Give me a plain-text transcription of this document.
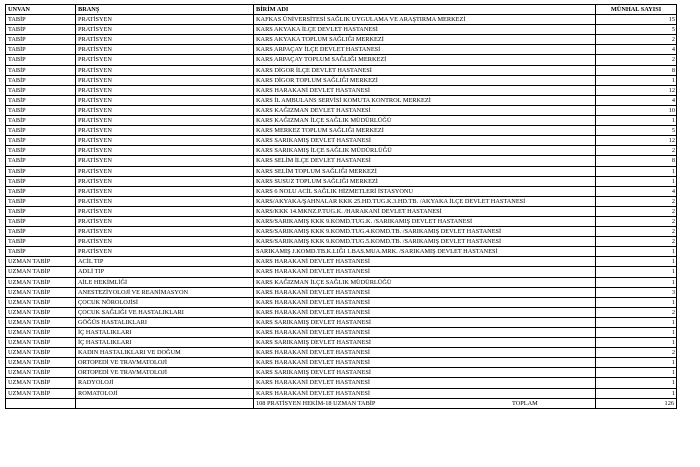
UNVAN	BRANŞ	BİRİM ADI	MÜNHAL SAYISI
TABİP	PRATİSYEN	KAFKAS ÜNİVERSİTESİ SAĞLIK UYGULAMA VE ARAŞTIRMA MERKEZİ	15
TABİP	PRATİSYEN	KARS AKYAKA İLÇE DEVLET HASTANESİ	5
TABİP	PRATİSYEN	KARS AKYAKA TOPLUM SAĞLIĞI MERKEZİ	2
TABİP	PRATİSYEN	KARS ARPAÇAY İLÇE DEVLET HASTANESİ	4
TABİP	PRATİSYEN	KARS ARPAÇAY TOPLUM SAĞLIĞI MERKEZİ	2
TABİP	PRATİSYEN	KARS DİGOR İLÇE DEVLET HASTANESİ	8
TABİP	PRATİSYEN	KARS DİGOR TOPLUM SAĞLIĞI MERKEZİ	1
TABİP	PRATİSYEN	KARS HARAKANİ DEVLET HASTANESİ	12
TABİP	PRATİSYEN	KARS İL AMBULANS SERVİSİ KOMUTA KONTROL MERKEZİ	4
TABİP	PRATİSYEN	KARS KAĞIZMAN DEVLET HASTANESİ	10
TABİP	PRATİSYEN	KARS KAĞIZMAN İLÇE SAĞLIK MÜDÜRLÜĞÜ	1
TABİP	PRATİSYEN	KARS MERKEZ TOPLUM SAĞLIĞI MERKEZİ	5
TABİP	PRATİSYEN	KARS SARIKAMIŞ DEVLET HASTANESİ	12
TABİP	PRATİSYEN	KARS SARIKAMIŞ İLÇE SAĞLIK MÜDÜRLÜĞÜ	2
TABİP	PRATİSYEN	KARS SELİM İLÇE DEVLET HASTANESİ	8
TABİP	PRATİSYEN	KARS SELİM TOPLUM SAĞLIĞI MERKEZİ	1
TABİP	PRATİSYEN	KARS SUSUZ TOPLUM SAĞLIĞI MERKEZİ	1
TABİP	PRATİSYEN	KARS 6 NOLU ACİL SAĞLIK HİZMETLERİ İSTASYONU	4
TABİP	PRATİSYEN	KARS/AKYAKA/ŞAHNALAR KKK 25.HD.TUG.K.3.HD.TB. /AKYAKA İLÇE DEVLET HASTANESİ	2
TABİP	PRATİSYEN	KARS/KKK 14.MKNZ.P.TUG.K. /HARAKANİ DEVLET HASTANESİ	2
TABİP	PRATİSYEN	KARS/SARIKAMIŞ KKK 9.KOMD.TUG.K. /SARIKAMIŞ DEVLET HASTANESİ	2
TABİP	PRATİSYEN	KARS/SARIKAMIŞ KKK 9.KOMD.TUG.4.KOMD.TB. /SARIKAMIŞ DEVLET HASTANESİ	2
TABİP	PRATİSYEN	KARS/SARIKAMIŞ KKK 9.KOMD.TUG.5.KOMD.TB. /SARIKAMIŞ DEVLET HASTANESİ	2
TABİP	PRATİSYEN	SARIKAMIŞ J.KOMD.TB.K.LIĞI 1.BAS.MUA.MRK. /SARIKAMIŞ DEVLET HASTANESİ	1
UZMAN TABİP	ACİL TIP	KARS HARAKANİ DEVLET HASTANESİ	1
UZMAN TABİP	ADLİ TIP	KARS HARAKANİ DEVLET HASTANESİ	1
UZMAN TABİP	AİLE HEKİMLİĞİ	KARS KAĞIZMAN İLÇE SAĞLIK MÜDÜRLÜĞÜ	1
UZMAN TABİP	ANESTEZİYOLOJİ VE REANİMASYON	KARS HARAKANİ DEVLET HASTANESİ	3
UZMAN TABİP	ÇOCUK NÖROLOJİSİ	KARS HARAKANİ DEVLET HASTANESİ	1
UZMAN TABİP	ÇOCUK SAĞLIĞI VE HASTALIKLARI	KARS HARAKANİ DEVLET HASTANESİ	2
UZMAN TABİP	GÖĞÜS HASTALIKLARI	KARS SARIKAMIŞ DEVLET HASTANESİ	1
UZMAN TABİP	İÇ HASTALIKLARI	KARS HARAKANİ DEVLET HASTANESİ	1
UZMAN TABİP	İÇ HASTALIKLARI	KARS SARIKAMIŞ DEVLET HASTANESİ	1
UZMAN TABİP	KADIN HASTALIKLARI VE DOĞUM	KARS HARAKANİ DEVLET HASTANESİ	2
UZMAN TABİP	ORTOPEDİ VE TRAVMATOLOJİ	KARS HARAKANİ DEVLET HASTANESİ	1
UZMAN TABİP	ORTOPEDİ VE TRAVMATOLOJİ	KARS SARIKAMIŞ DEVLET HASTANESİ	1
UZMAN TABİP	RADYOLOJİ	KARS HARAKANİ DEVLET HASTANESİ	1
UZMAN TABİP	ROMATOLOJİ	KARS HARAKANİ DEVLET HASTANESİ	1
		108 PRATİSYEN HEKİM-18 UZMAN TABİP TOPLAM	126
